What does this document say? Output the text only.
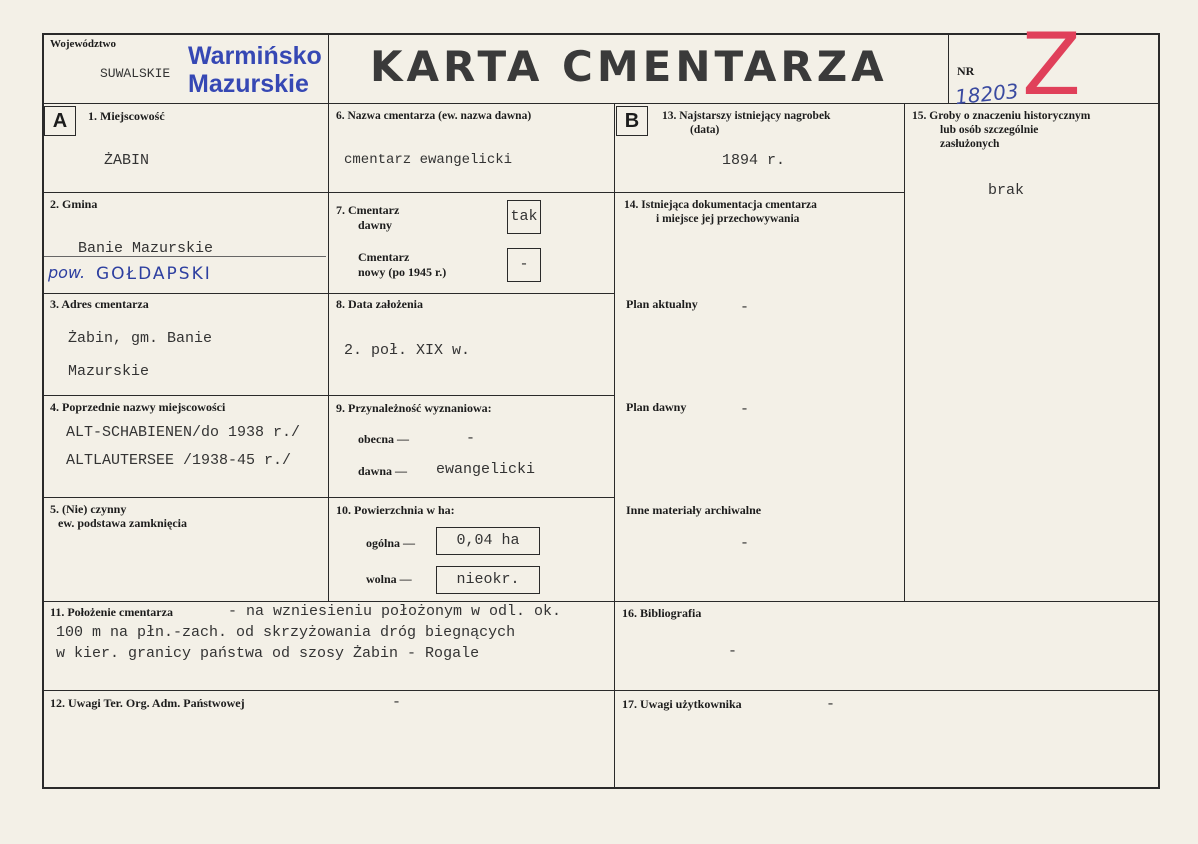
Województwo
SUWALSKIE
Warmińsko
Mazurskie KARTA CMENTARZA	NR
18203 Z
A	B
1. Miejscowość
ŻABIN
2. Gmina
Banie Mazurskie
pow. GOŁDAPSKI
3. Adres cmentarza
Żabin, gm. Banie
Mazurskie
4. Poprzednie nazwy miejscowości
ALT-SCHABIENEN/do 1938 r./
ALTLAUTERSEE /1938-45 r./
5. (Nie) czynny
ew. podstawa zamknięcia
6. Nazwa cmentarza (ew. nazwa dawna)
cmentarz ewangelicki
7. Cmentarz
dawny	tak
Cmentarz
nowy (po 1945 r.)	-
8. Data założenia
2. poł. XIX w.
9. Przynależność wyznaniowa:
obecna —	-
dawna — ewangelicki
10. Powierzchnia w ha:
ogólna —	0,04 ha
wolna —	nieokr.
13. Najstarszy istniejący nagrobek
(data)
1894 r.
14. Istniejąca dokumentacja cmentarza
i miejsce jej przechowywania
Plan aktualny	-
Plan dawny	-
Inne materiały archiwalne
-
15. Groby o znaczeniu historycznym
lub osób szczególnie
zasłużonych
brak
11. Położenie cmentarza	- na wzniesieniu położonym w odl. ok.
100 m na płn.-zach. od skrzyżowania dróg biegnących
w kier. granicy państwa od szosy Żabin - Rogale
16. Bibliografia
-
12. Uwagi Ter. Org. Adm. Państwowej	-	17. Uwagi użytkownika	-
